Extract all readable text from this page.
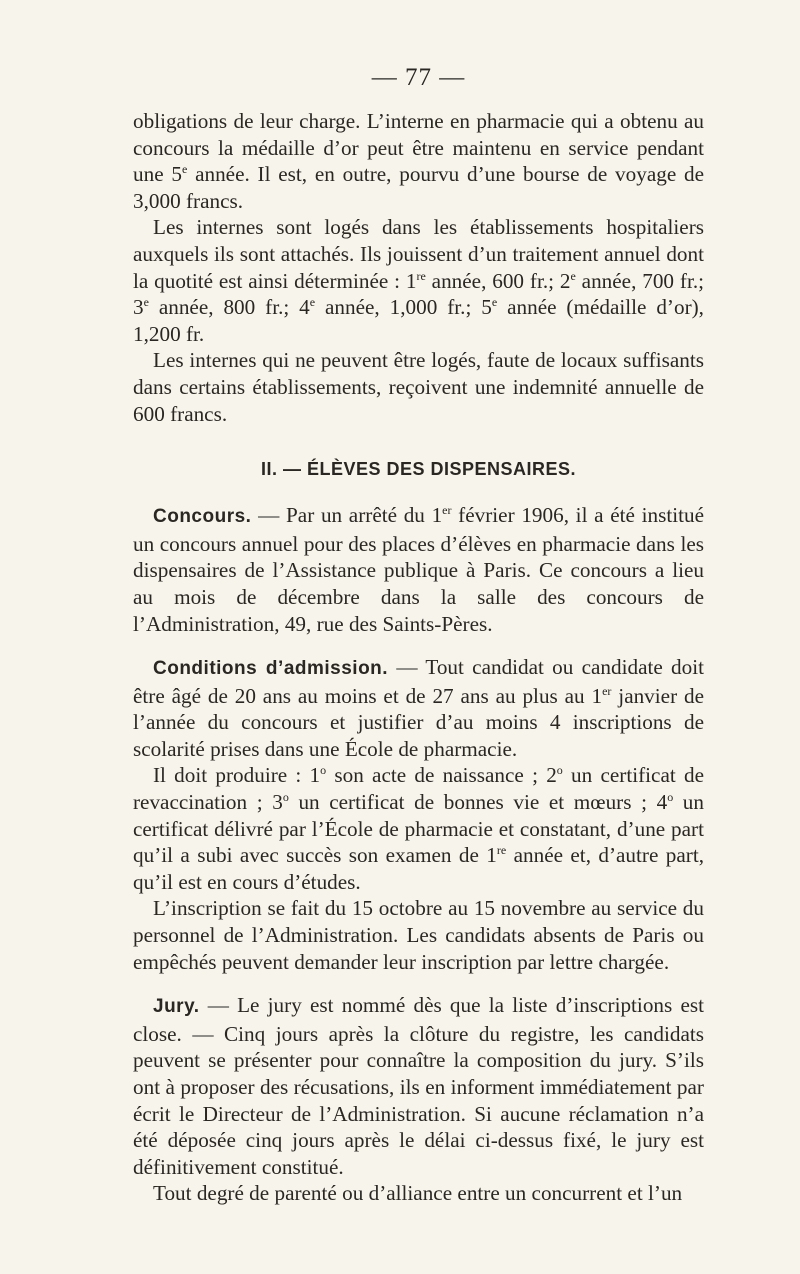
— 77 —

obligations de leur charge. L’interne en pharmacie qui a obtenu au concours la médaille d’or peut être maintenu en service pendant une 5e année. Il est, en outre, pourvu d’une bourse de voyage de 3,000 francs.

Les internes sont logés dans les établissements hospitaliers auxquels ils sont attachés. Ils jouissent d’un traitement annuel dont la quotité est ainsi déterminée : 1re année, 600 fr.; 2e année, 700 fr.; 3e année, 800 fr.; 4e année, 1,000 fr.; 5e année (médaille d’or), 1,200 fr.

Les internes qui ne peuvent être logés, faute de locaux suffisants dans certains établissements, reçoivent une indemnité annuelle de 600 francs.

II. — ÉLÈVES DES DISPENSAIRES.

Concours. — Par un arrêté du 1er février 1906, il a été institué un concours annuel pour des places d’élèves en pharmacie dans les dispensaires de l’Assistance publique à Paris. Ce concours a lieu au mois de décembre dans la salle des concours de l’Administration, 49, rue des Saints-Pères.

Conditions d’admission. — Tout candidat ou candidate doit être âgé de 20 ans au moins et de 27 ans au plus au 1er janvier de l’année du concours et justifier d’au moins 4 inscriptions de scolarité prises dans une École de pharmacie.

Il doit produire : 1$^o$ son acte de naissance ; 2$^o$ un certificat de revaccination ; 3$^o$ un certificat de bonnes vie et mœurs ; 4$^o$ un certificat délivré par l’École de pharmacie et constatant, d’une part qu’il a subi avec succès son examen de 1re année et, d’autre part, qu’il est en cours d’études.

L’inscription se fait du 15 octobre au 15 novembre au service du personnel de l’Administration. Les candidats absents de Paris ou empêchés peuvent demander leur inscription par lettre chargée.

Jury. — Le jury est nommé dès que la liste d’inscriptions est close. — Cinq jours après la clôture du registre, les candidats peuvent se présenter pour connaître la composition du jury. S’ils ont à proposer des récusations, ils en informent immédiatement par écrit le Directeur de l’Administration. Si aucune réclamation n’a été déposée cinq jours après le délai ci-dessus fixé, le jury est définitivement constitué.

Tout degré de parenté ou d’alliance entre un concurrent et l’un
